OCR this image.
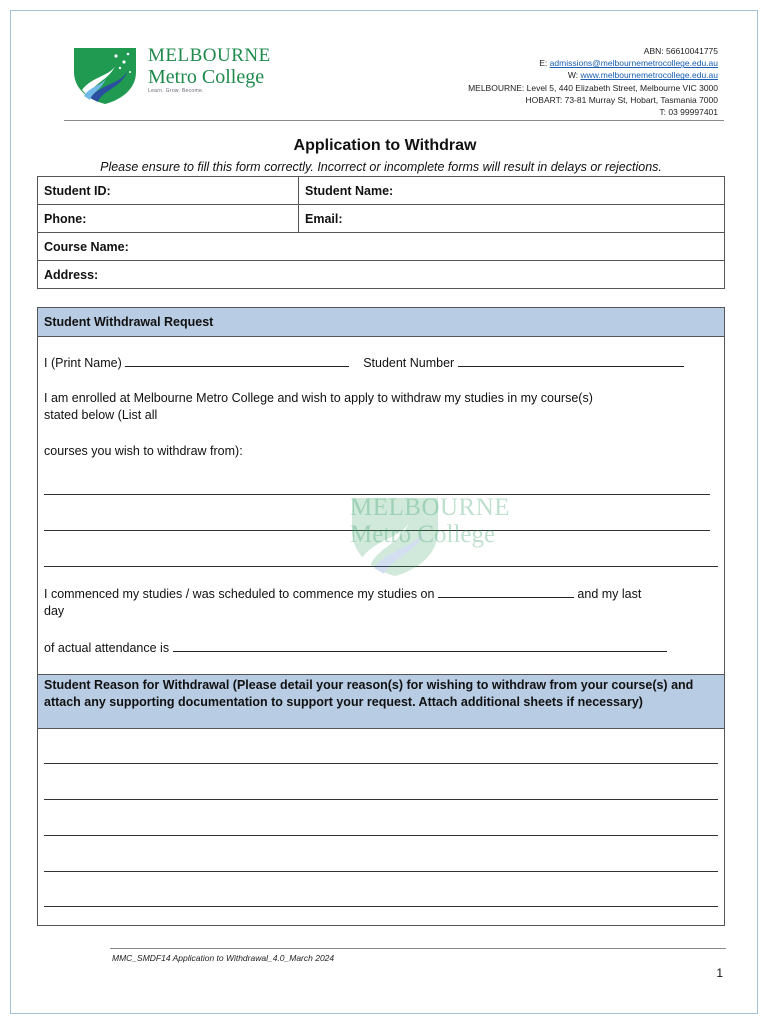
MELBOURNE
Metro College
Learn. Grow. Become.
ABN: 56610041775
E: admissions@melbournemetrocollege.edu.au
W: www.melbournemetrocollege.edu.au
MELBOURNE: Level 5, 440 Elizabeth Street, Melbourne VIC 3000
HOBART: 73-81 Murray St, Hobart, Tasmania 7000
T: 03 99997401
Application to Withdraw
Please ensure to fill this form correctly. Incorrect or incomplete forms will result in delays or rejections.
Student ID:	Student Name:
Phone:	Email:
Course Name:	
Address:	
Student Withdrawal Request
I (Print Name)	Student Number
I am enrolled at Melbourne Metro College and wish to apply to withdraw my studies in my course(s)
stated below (List all
courses you wish to withdraw from):
I commenced my studies / was scheduled to commence my studies on	and my last
day
of actual attendance is
Student Reason for Withdrawal (Please detail your reason(s) for wishing to withdraw from your course(s) and attach any supporting documentation to support your request. Attach additional sheets if necessary)
MELBOURNE
Metro College
MMC_SMDF14 Application to Withdrawal_4.0_March 2024
1
